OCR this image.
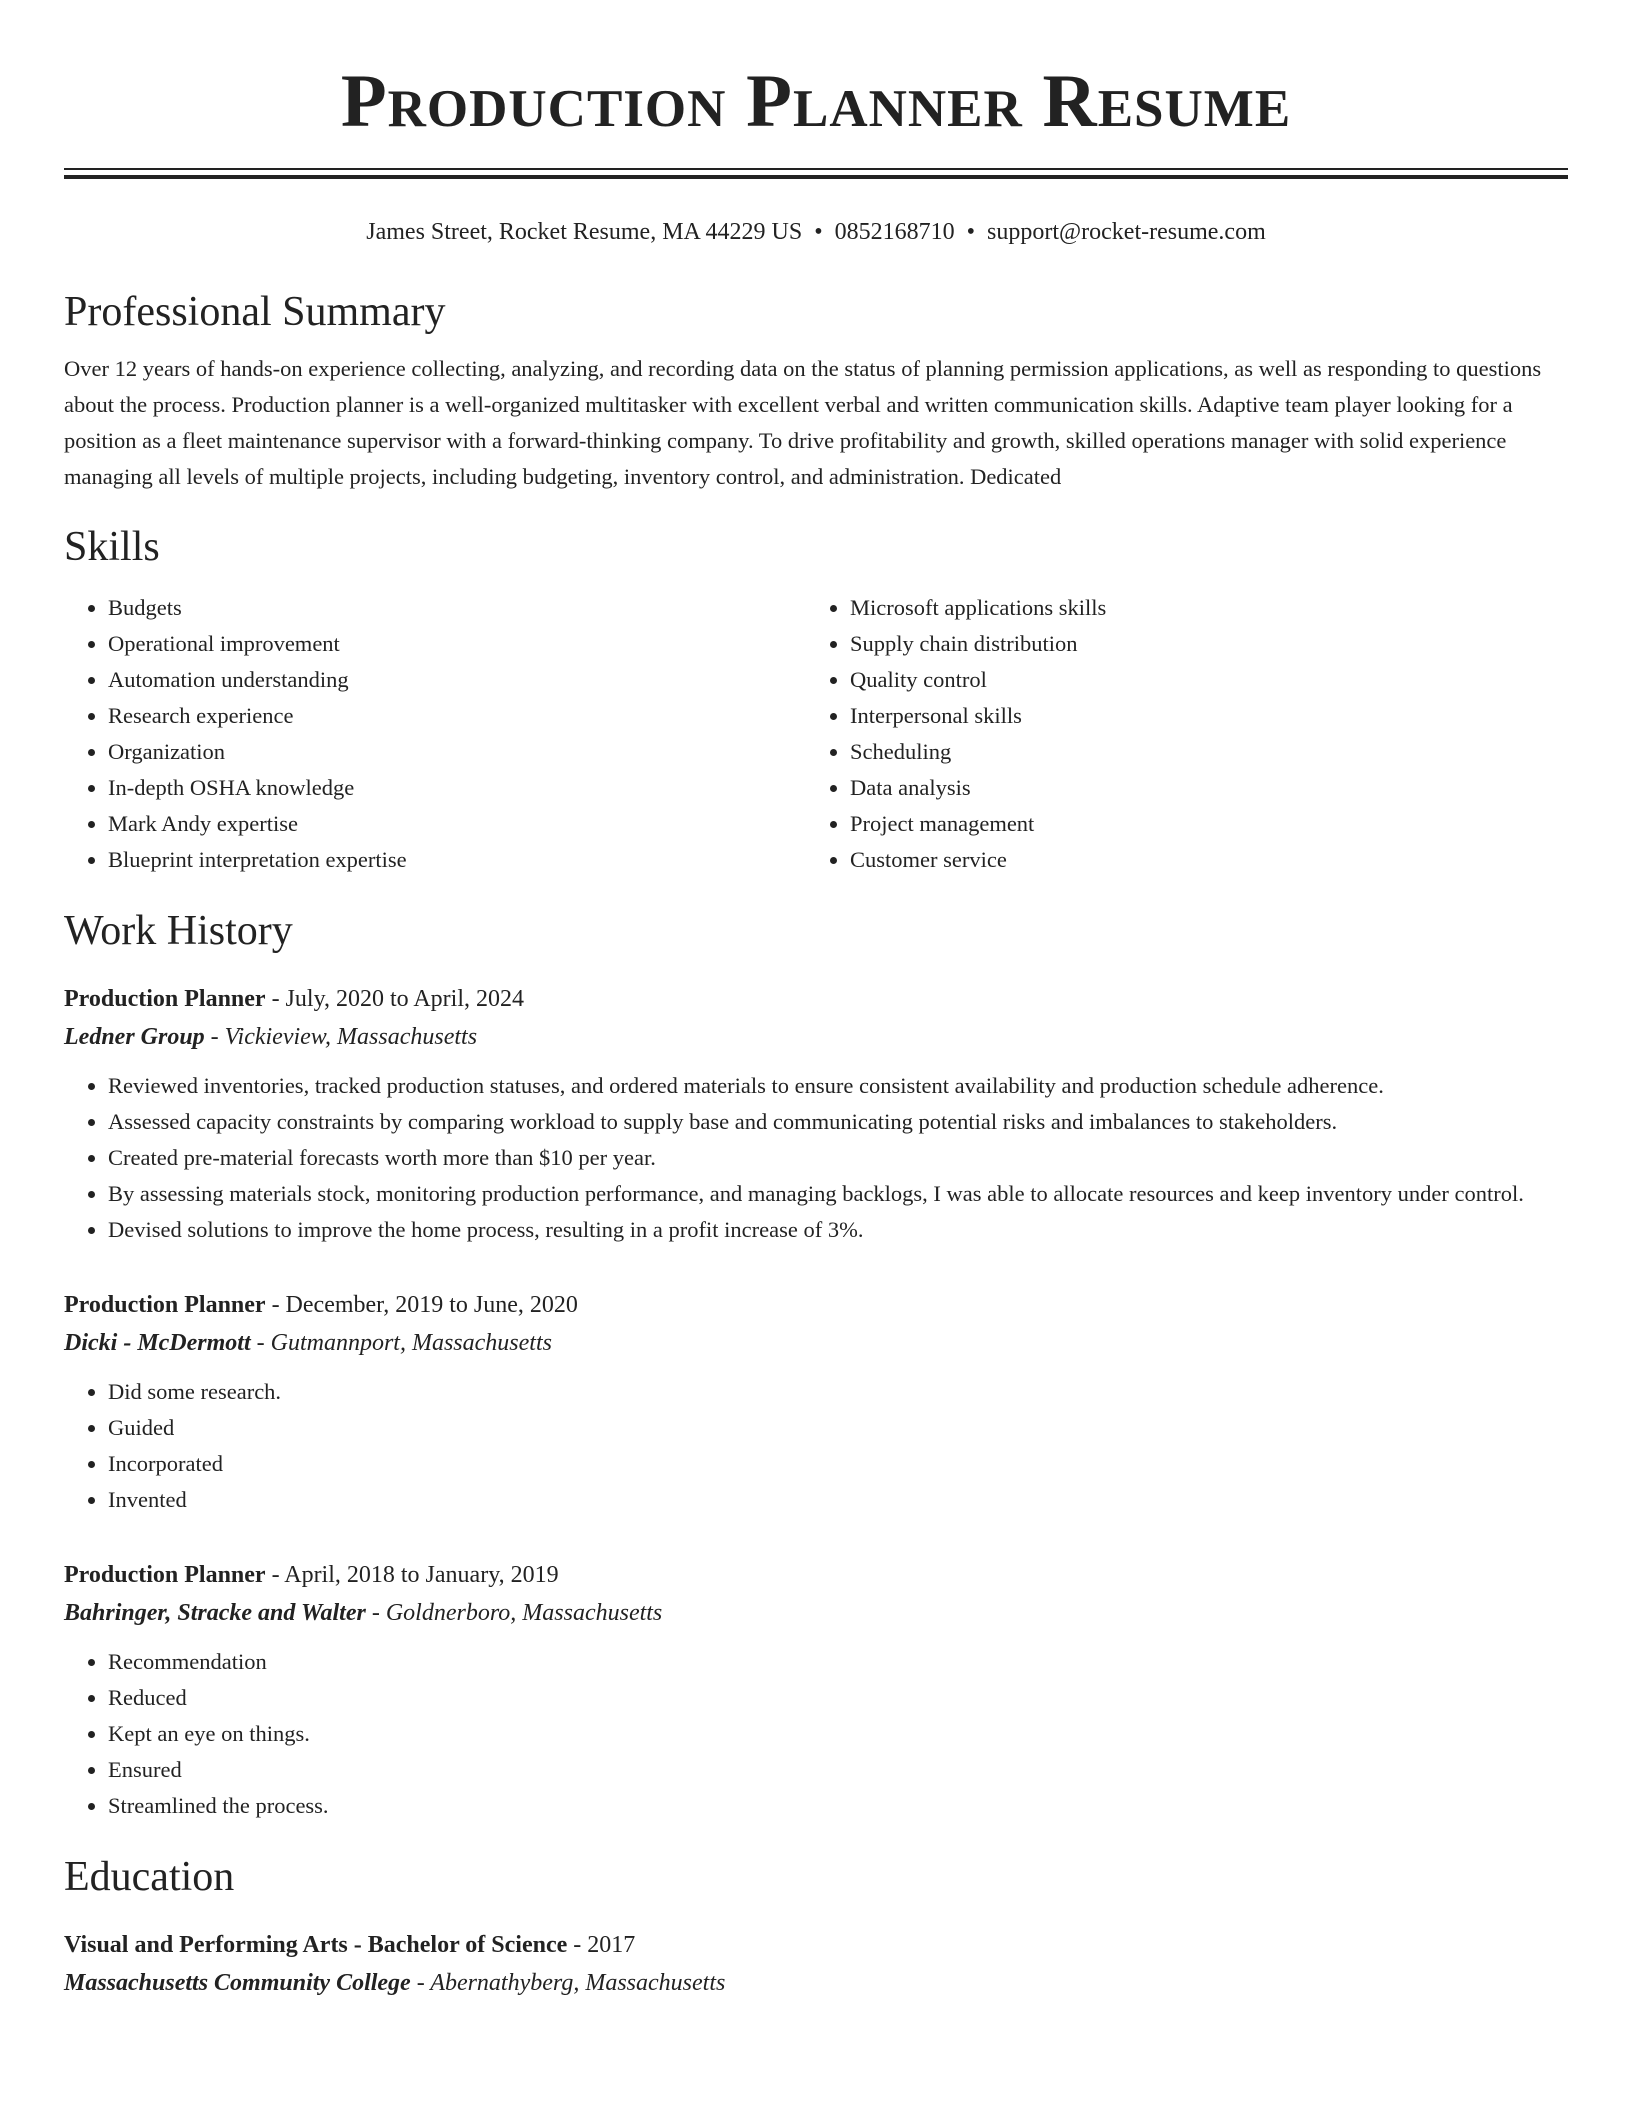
Production Planner Resume
James Street, Rocket Resume, MA 44229 US • 0852168710 • support@rocket-resume.com
Professional Summary

Over 12 years of hands-on experience collecting, analyzing, and recording data on the status of planning permission applications, as well as responding to questions about the process. Production planner is a well-organized multitasker with excellent verbal and written communication skills. Adaptive team player looking for a position as a fleet maintenance supervisor with a forward-thinking company. To drive profitability and growth, skilled operations manager with solid experience managing all levels of multiple projects, including budgeting, inventory control, and administration. Dedicated

Skills
• Budgets
• Operational improvement
• Automation understanding
• Research experience
• Organization
• In-depth OSHA knowledge
• Mark Andy expertise
• Blueprint interpretation expertise
• Microsoft applications skills
• Supply chain distribution
• Quality control
• Interpersonal skills
• Scheduling
• Data analysis
• Project management
• Customer service
Work History
Production Planner - July, 2020 to April, 2024
Ledner Group - Vickieview, Massachusetts
• Reviewed inventories, tracked production statuses, and ordered materials to ensure consistent availability and production schedule adherence.
• Assessed capacity constraints by comparing workload to supply base and communicating potential risks and imbalances to stakeholders.
• Created pre-material forecasts worth more than $10 per year.
• By assessing materials stock, monitoring production performance, and managing backlogs, I was able to allocate resources and keep inventory under control.
• Devised solutions to improve the home process, resulting in a profit increase of 3%.
Production Planner - December, 2019 to June, 2020
Dicki - McDermott - Gutmannport, Massachusetts
• Did some research.
• Guided
• Incorporated
• Invented
Production Planner - April, 2018 to January, 2019
Bahringer, Stracke and Walter - Goldnerboro, Massachusetts
• Recommendation
• Reduced
• Kept an eye on things.
• Ensured
• Streamlined the process.
Education
Visual and Performing Arts - Bachelor of Science - 2017
Massachusetts Community College - Abernathyberg, Massachusetts
